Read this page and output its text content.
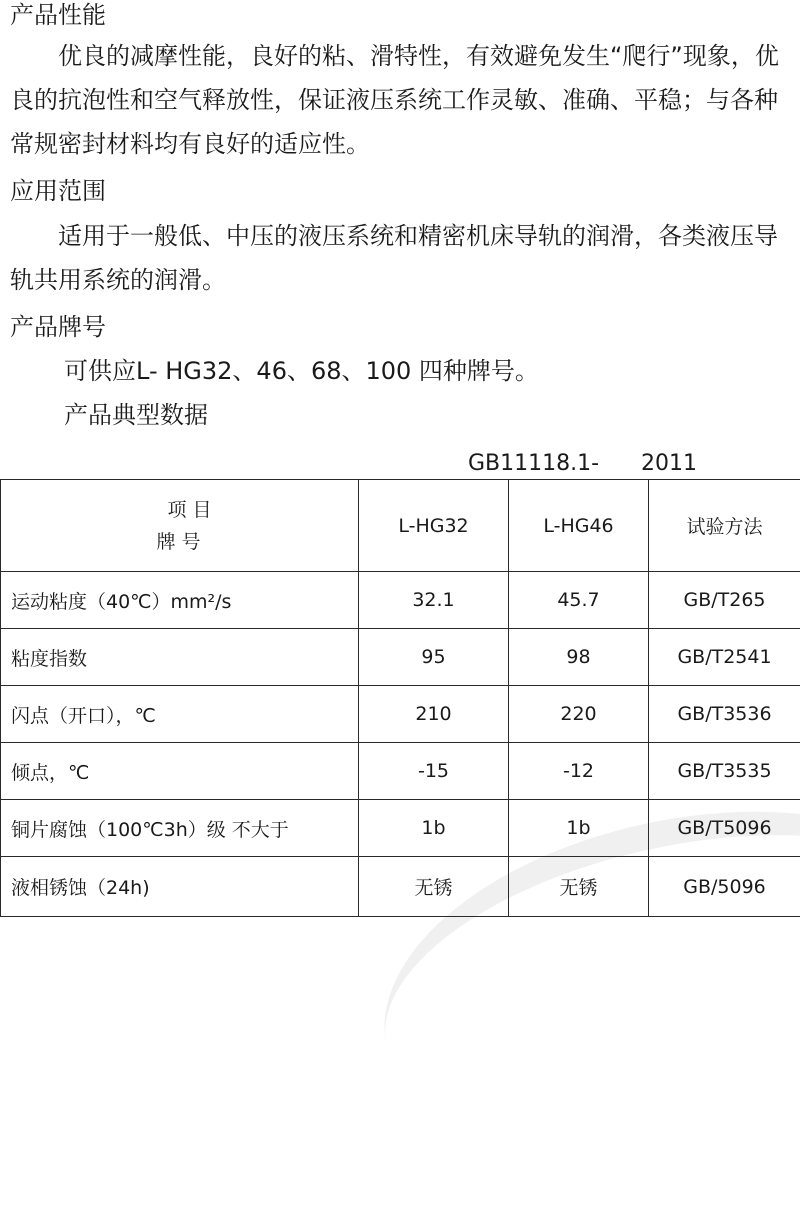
产品性能
优良的减摩性能，良好的粘、滑特性，有效避免发生“爬行”现象，优良的抗泡性和空气释放性，保证液压系统工作灵敏、准确、平稳；与各种常规密封材料均有良好的适应性。
应用范围
适用于一般低、中压的液压系统和精密机床导轨的润滑，各类液压导轨共用系统的润滑。
产品牌号
可供应L- HG32、46、68、100 四种牌号。
产品典型数据
GB11118.1- 2011
项 目
牌 号	L-HG32	L-HG46	试验方法
运动粘度（40℃）mm²/s	32.1	45.7	GB/T265
粘度指数	95	98	GB/T2541
闪点（开口），℃	210	220	GB/T3536
倾点，℃	-15	-12	GB/T3535
铜片腐蚀（100℃3h）级 不大于	1b	1b	GB/T5096
液相锈蚀（24h)	无锈	无锈	GB/5096
